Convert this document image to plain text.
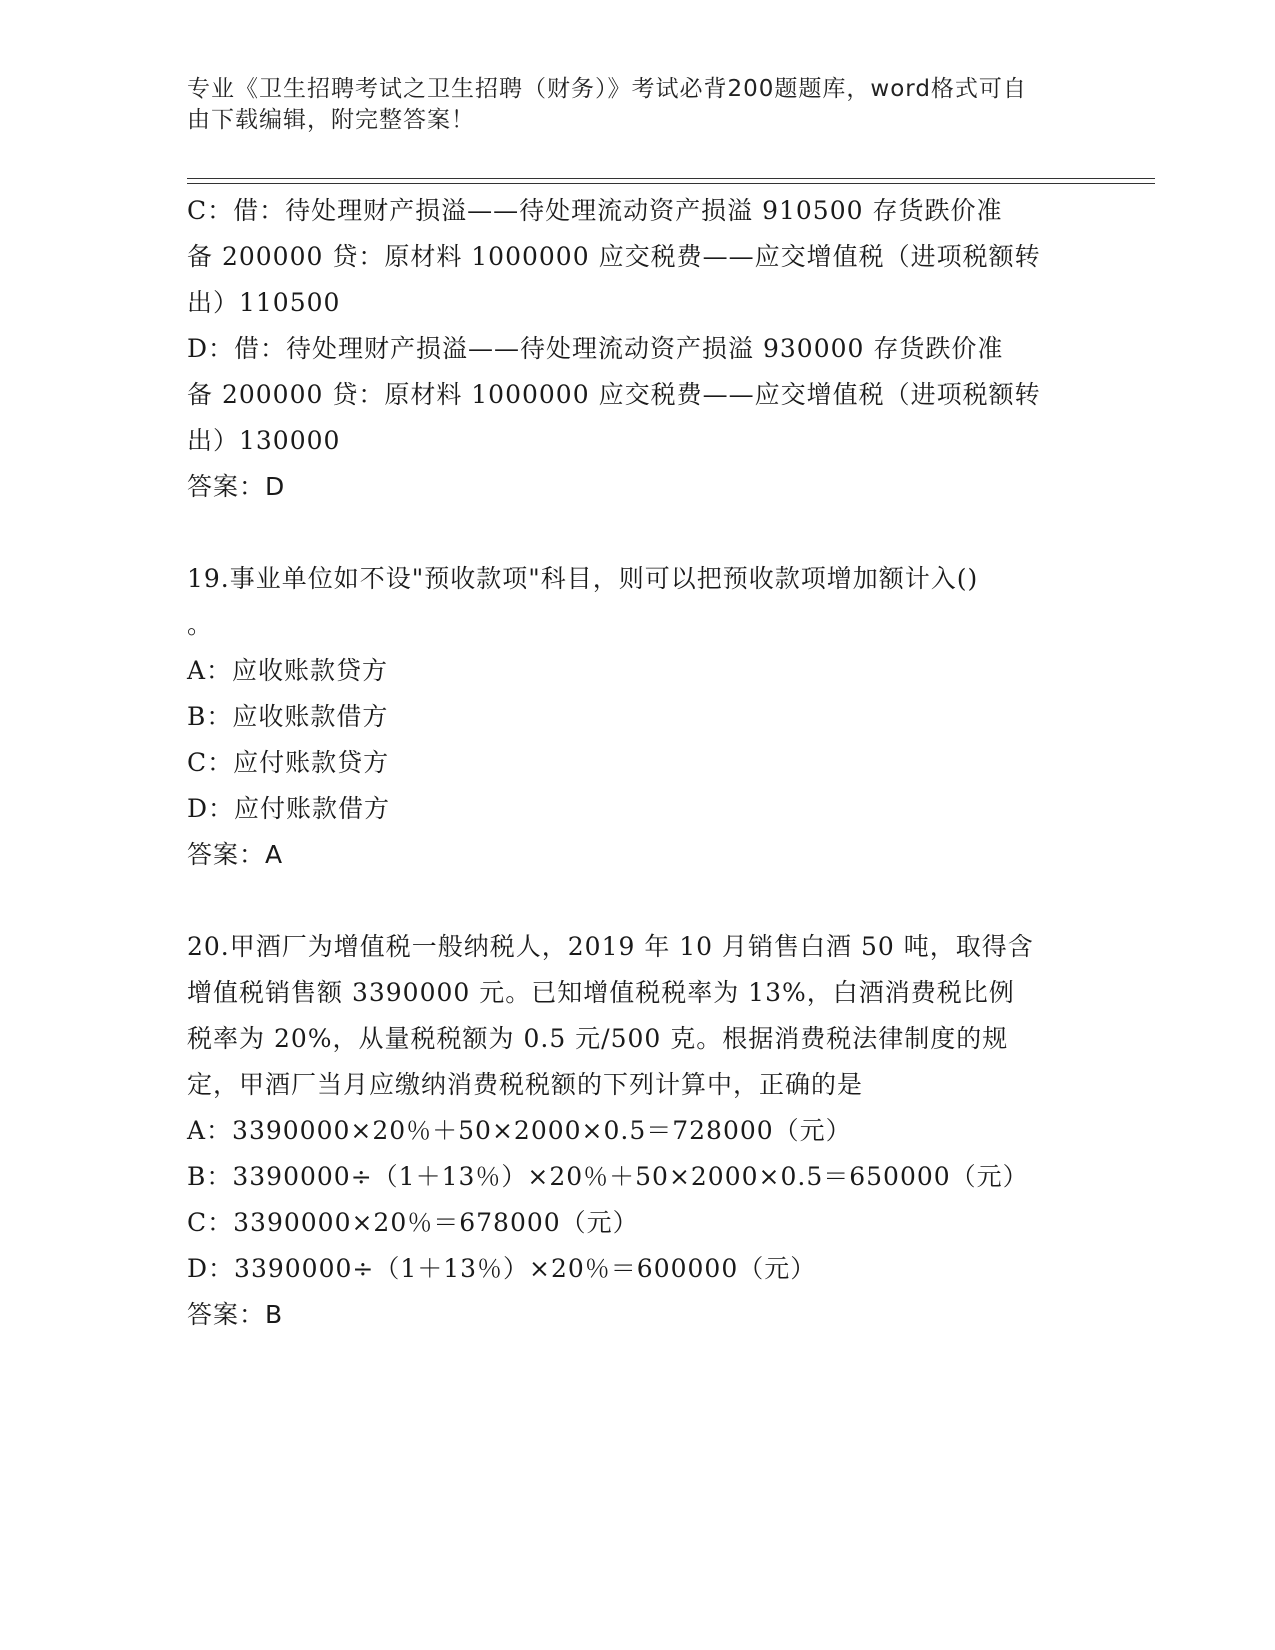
专业《卫生招聘考试之卫生招聘（财务）》考试必背200题题库，word格式可自
由下载编辑，附完整答案！
C：借：待处理财产损溢——待处理流动资产损溢 910500 存货跌价准
备 200000 贷：原材料 1000000 应交税费——应交增值税（进项税额转
出）110500
D：借：待处理财产损溢——待处理流动资产损溢 930000 存货跌价准
备 200000 贷：原材料 1000000 应交税费——应交增值税（进项税额转
出）130000
答案：D
19.事业单位如不设"预收款项"科目，则可以把预收款项增加额计入()
。
A：应收账款贷方
B：应收账款借方
C：应付账款贷方
D：应付账款借方
答案：A
20.甲酒厂为增值税一般纳税人，2019 年 10 月销售白酒 50 吨，取得含
增值税销售额 3390000 元。已知增值税税率为 13%，白酒消费税比例
税率为 20%，从量税税额为 0.5 元/500 克。根据消费税法律制度的规
定，甲酒厂当月应缴纳消费税税额的下列计算中，正确的是
A：3390000×20％＋50×2000×0.5＝728000（元）
B：3390000÷（1＋13％）×20％＋50×2000×0.5＝650000（元）
C：3390000×20％＝678000（元）
D：3390000÷（1＋13％）×20％＝600000（元）
答案：B
